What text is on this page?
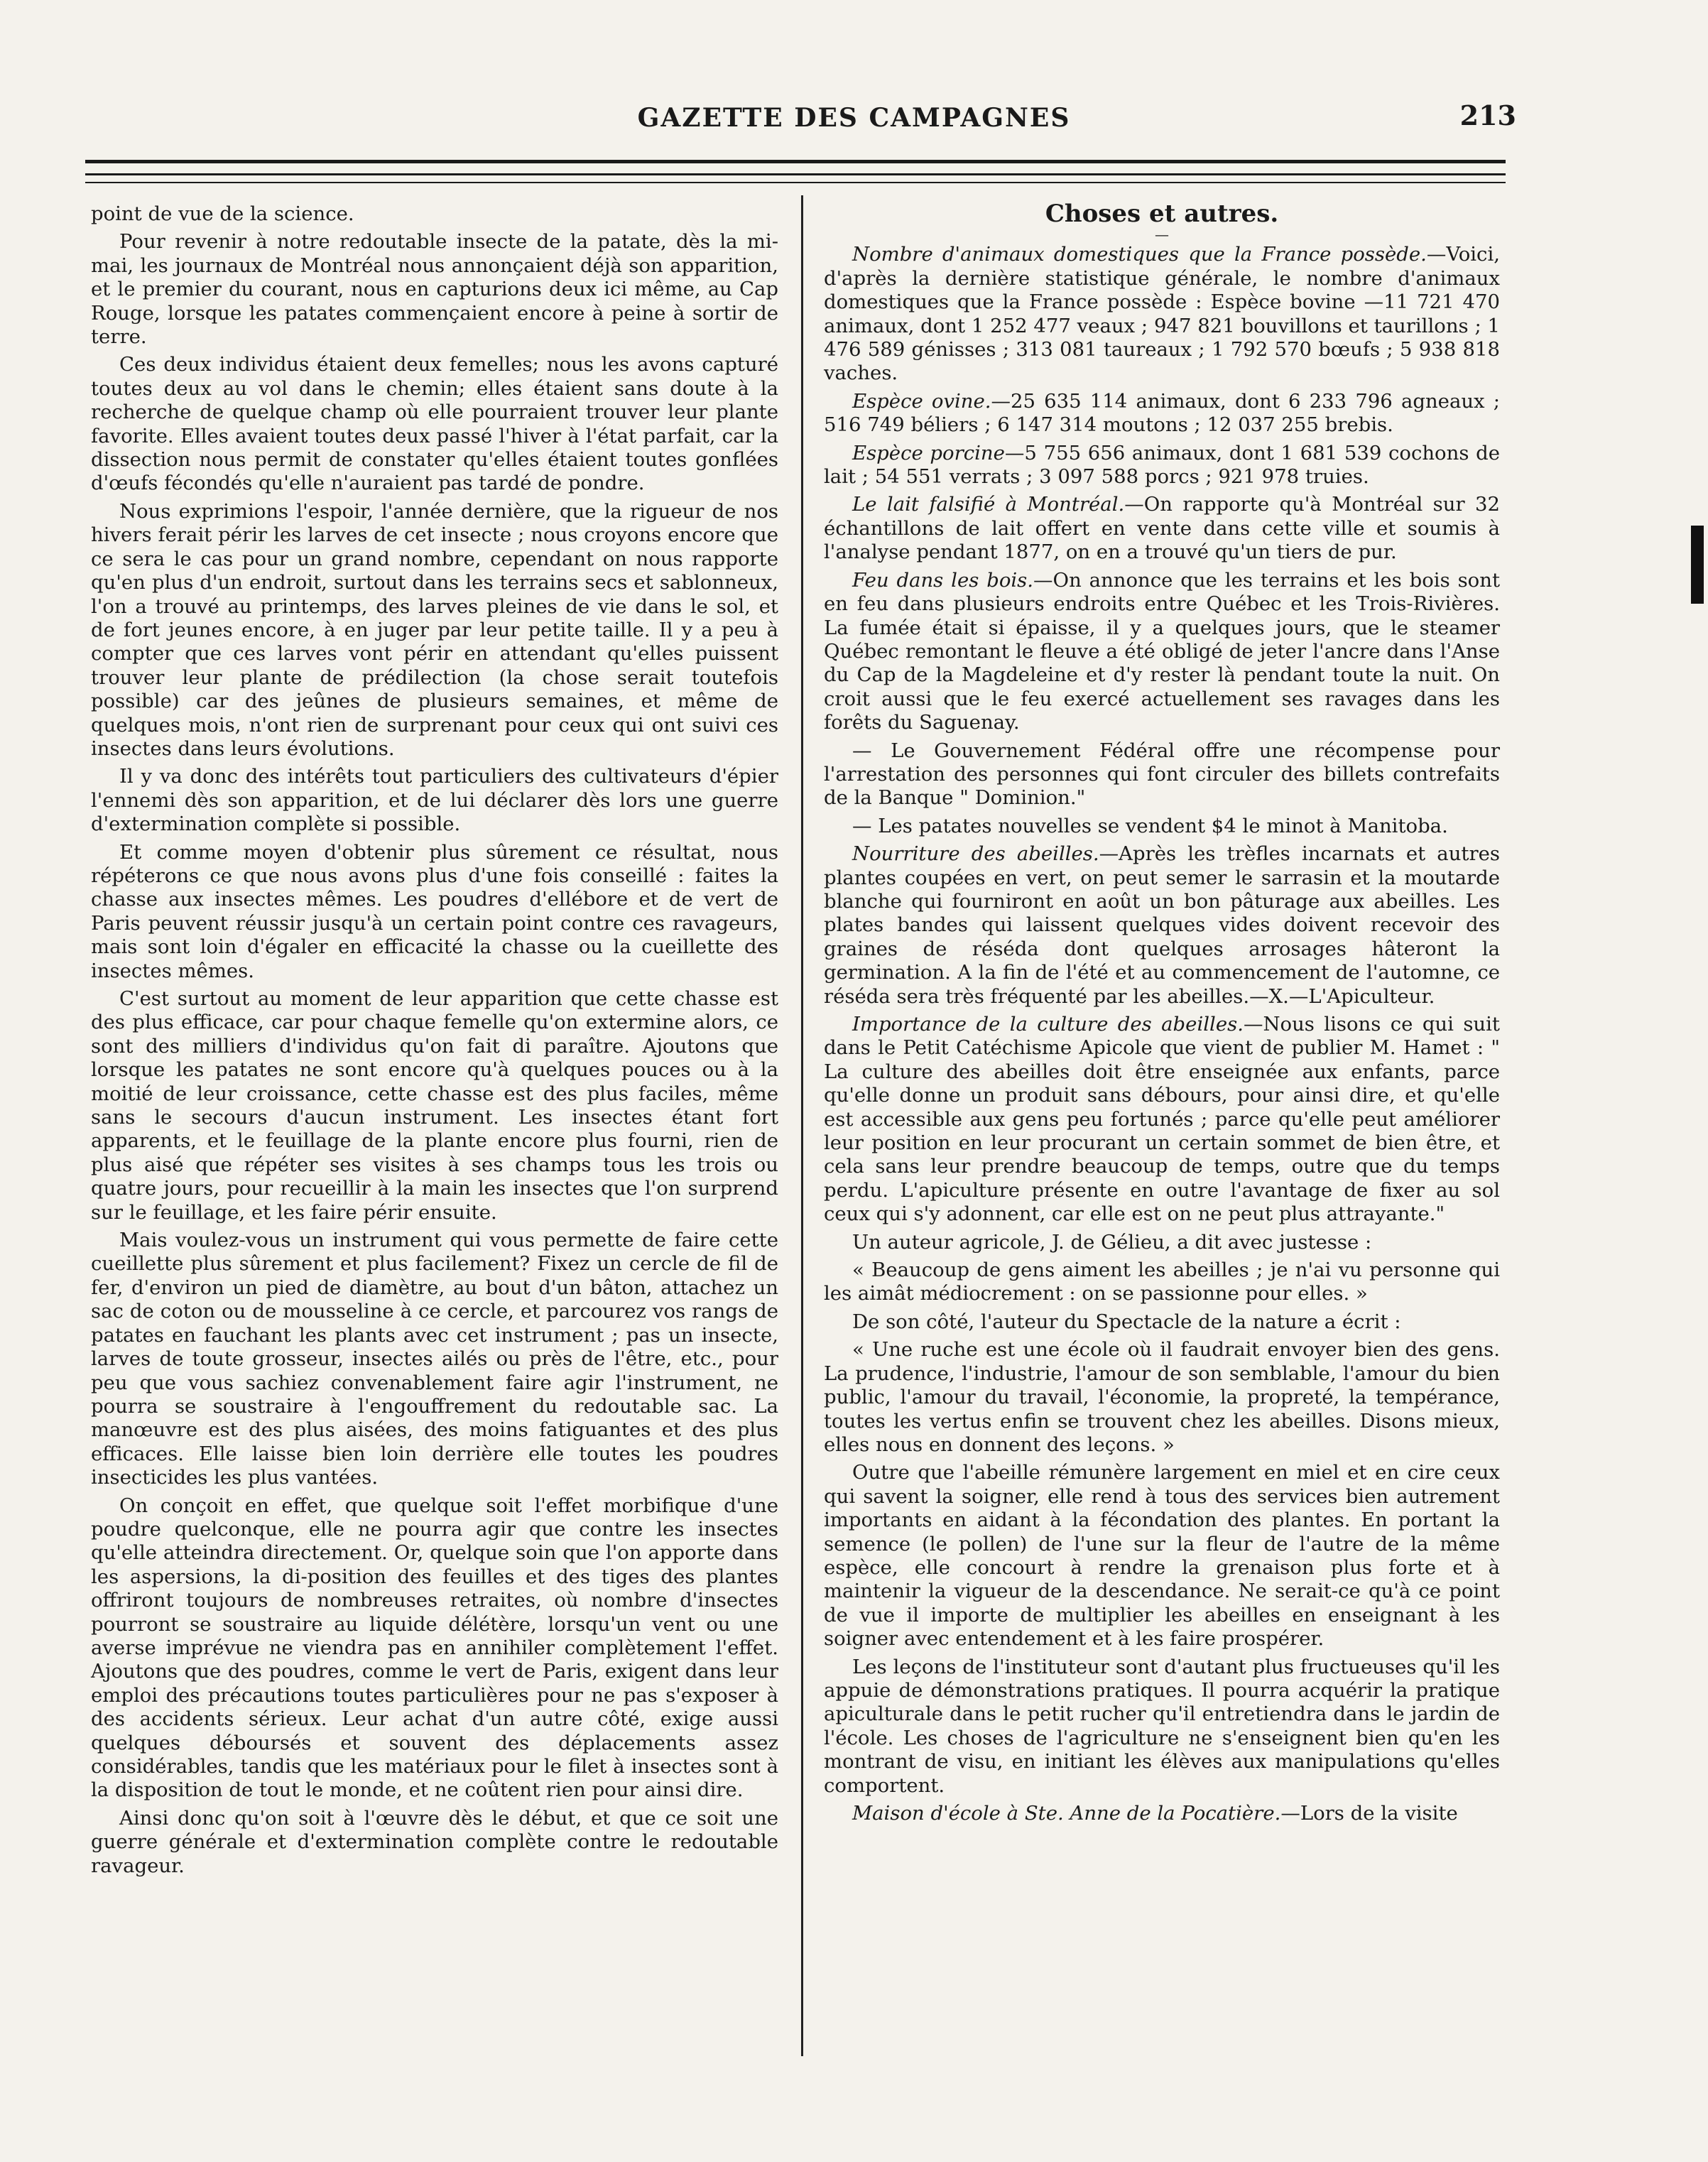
GAZETTE DES CAMPAGNES	213

point de vue de la science.

Pour revenir à notre redoutable insecte de la patate, dès la mi-mai, les journaux de Montréal nous annonçaient déjà son apparition, et le premier du courant, nous en capturions deux ici même, au Cap Rouge, lorsque les patates commençaient encore à peine à sortir de terre.

Ces deux individus étaient deux femelles; nous les avons capturé toutes deux au vol dans le chemin; elles étaient sans doute à la recherche de quelque champ où elle pourraient trouver leur plante favorite. Elles avaient toutes deux passé l'hiver à l'état parfait, car la dissection nous permit de constater qu'elles étaient toutes gonflées d'œufs fécondés qu'elle n'auraient pas tardé de pondre.

Nous exprimions l'espoir, l'année dernière, que la rigueur de nos hivers ferait périr les larves de cet insecte ; nous croyons encore que ce sera le cas pour un grand nombre, cependant on nous rapporte qu'en plus d'un endroit, surtout dans les terrains secs et sablonneux, l'on a trouvé au printemps, des larves pleines de vie dans le sol, et de fort jeunes encore, à en juger par leur petite taille. Il y a peu à compter que ces larves vont périr en attendant qu'elles puissent trouver leur plante de prédilection (la chose serait toutefois possible) car des jeûnes de plusieurs semaines, et même de quelques mois, n'ont rien de surprenant pour ceux qui ont suivi ces insectes dans leurs évolutions.

Il y va donc des intérêts tout particuliers des cultivateurs d'épier l'ennemi dès son apparition, et de lui déclarer dès lors une guerre d'extermination complète si possible.

Et comme moyen d'obtenir plus sûrement ce résultat, nous répéterons ce que nous avons plus d'une fois conseillé : faites la chasse aux insectes mêmes. Les poudres d'ellébore et de vert de Paris peuvent réussir jusqu'à un certain point contre ces ravageurs, mais sont loin d'égaler en efficacité la chasse ou la cueillette des insectes mêmes.

C'est surtout au moment de leur apparition que cette chasse est des plus efficace, car pour chaque femelle qu'on extermine alors, ce sont des milliers d'individus qu'on fait di paraître. Ajoutons que lorsque les patates ne sont encore qu'à quelques pouces ou à la moitié de leur croissance, cette chasse est des plus faciles, même sans le secours d'aucun instrument. Les insectes étant fort apparents, et le feuillage de la plante encore plus fourni, rien de plus aisé que répéter ses visites à ses champs tous les trois ou quatre jours, pour recueillir à la main les insectes que l'on surprend sur le feuillage, et les faire périr ensuite.

Mais voulez-vous un instrument qui vous permette de faire cette cueillette plus sûrement et plus facilement? Fixez un cercle de fil de fer, d'environ un pied de diamètre, au bout d'un bâton, attachez un sac de coton ou de mousseline à ce cercle, et parcourez vos rangs de patates en fauchant les plants avec cet instrument ; pas un insecte, larves de toute grosseur, insectes ailés ou près de l'être, etc., pour peu que vous sachiez convenablement faire agir l'instrument, ne pourra se soustraire à l'engouffrement du redoutable sac. La manœuvre est des plus aisées, des moins fatiguantes et des plus efficaces. Elle laisse bien loin derrière elle toutes les poudres insecticides les plus vantées.

On conçoit en effet, que quelque soit l'effet morbifique d'une poudre quelconque, elle ne pourra agir que contre les insectes qu'elle atteindra directement. Or, quelque soin que l'on apporte dans les aspersions, la di-position des feuilles et des tiges des plantes offriront toujours de nombreuses retraites, où nombre d'insectes pourront se soustraire au liquide délétère, lorsqu'un vent ou une averse imprévue ne viendra pas en annihiler complètement l'effet. Ajoutons que des poudres, comme le vert de Paris, exigent dans leur emploi des précautions toutes particulières pour ne pas s'exposer à des accidents sérieux. Leur achat d'un autre côté, exige aussi quelques déboursés et souvent des déplacements assez considérables, tandis que les matériaux pour le filet à insectes sont à la disposition de tout le monde, et ne coûtent rien pour ainsi dire.

Ainsi donc qu'on soit à l'œuvre dès le début, et que ce soit une guerre générale et d'extermination complète contre le redoutable ravageur.

Choses et autres.

—

Nombre d'animaux domestiques que la France possède.—Voici, d'après la dernière statistique générale, le nombre d'animaux domestiques que la France possède : Espèce bovine —11 721 470 animaux, dont 1 252 477 veaux ; 947 821 bouvillons et taurillons ; 1 476 589 génisses ; 313 081 taureaux ; 1 792 570 bœufs ; 5 938 818 vaches.

Espèce ovine.—25 635 114 animaux, dont 6 233 796 agneaux ; 516 749 béliers ; 6 147 314 moutons ; 12 037 255 brebis.

Espèce porcine—5 755 656 animaux, dont 1 681 539 cochons de lait ; 54 551 verrats ; 3 097 588 porcs ; 921 978 truies.

Le lait falsifié à Montréal.—On rapporte qu'à Montréal sur 32 échantillons de lait offert en vente dans cette ville et soumis à l'analyse pendant 1877, on en a trouvé qu'un tiers de pur.

Feu dans les bois.—On annonce que les terrains et les bois sont en feu dans plusieurs endroits entre Québec et les Trois-Rivières. La fumée était si épaisse, il y a quelques jours, que le steamer Québec remontant le fleuve a été obligé de jeter l'ancre dans l'Anse du Cap de la Magdeleine et d'y rester là pendant toute la nuit. On croit aussi que le feu exercé actuellement ses ravages dans les forêts du Saguenay.

— Le Gouvernement Fédéral offre une récompense pour l'arrestation des personnes qui font circuler des billets contrefaits de la Banque " Dominion."

— Les patates nouvelles se vendent $4 le minot à Manitoba.

Nourriture des abeilles.—Après les trèfles incarnats et autres plantes coupées en vert, on peut semer le sarrasin et la moutarde blanche qui fourniront en août un bon pâturage aux abeilles. Les plates bandes qui laissent quelques vides doivent recevoir des graines de réséda dont quelques arrosages hâteront la germination. A la fin de l'été et au commencement de l'automne, ce réséda sera très fréquenté par les abeilles.—X.—L'Apiculteur.

Importance de la culture des abeilles.—Nous lisons ce qui suit dans le Petit Catéchisme Apicole que vient de publier M. Hamet : " La culture des abeilles doit être enseignée aux enfants, parce qu'elle donne un produit sans débours, pour ainsi dire, et qu'elle est accessible aux gens peu fortunés ; parce qu'elle peut améliorer leur position en leur procurant un certain sommet de bien être, et cela sans leur prendre beaucoup de temps, outre que du temps perdu. L'apiculture présente en outre l'avantage de fixer au sol ceux qui s'y adonnent, car elle est on ne peut plus attrayante."

Un auteur agricole, J. de Gélieu, a dit avec justesse :

« Beaucoup de gens aiment les abeilles ; je n'ai vu personne qui les aimât médiocrement : on se passionne pour elles. »

De son côté, l'auteur du Spectacle de la nature a écrit :

« Une ruche est une école où il faudrait envoyer bien des gens. La prudence, l'industrie, l'amour de son semblable, l'amour du bien public, l'amour du travail, l'économie, la propreté, la tempérance, toutes les vertus enfin se trouvent chez les abeilles. Disons mieux, elles nous en donnent des leçons. »

Outre que l'abeille rémunère largement en miel et en cire ceux qui savent la soigner, elle rend à tous des services bien autrement importants en aidant à la fécondation des plantes. En portant la semence (le pollen) de l'une sur la fleur de l'autre de la même espèce, elle concourt à rendre la grenaison plus forte et à maintenir la vigueur de la descendance. Ne serait-ce qu'à ce point de vue il importe de multiplier les abeilles en enseignant à les soigner avec entendement et à les faire prospérer.

Les leçons de l'instituteur sont d'autant plus fructueuses qu'il les appuie de démonstrations pratiques. Il pourra acquérir la pratique apiculturale dans le petit rucher qu'il entretiendra dans le jardin de l'école. Les choses de l'agriculture ne s'enseignent bien qu'en les montrant de visu, en initiant les élèves aux manipulations qu'elles comportent.

Maison d'école à Ste. Anne de la Pocatière.—Lors de la visite
